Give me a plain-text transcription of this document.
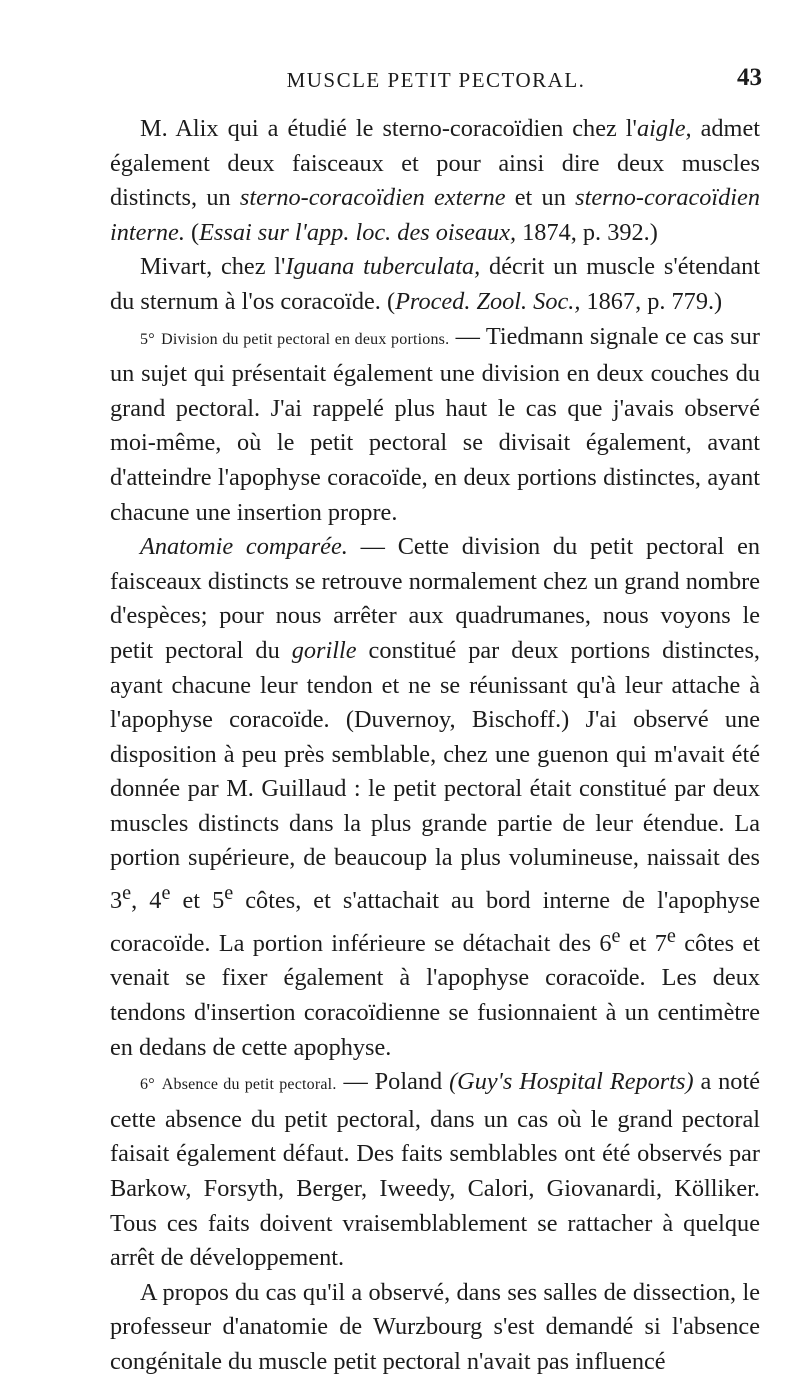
MUSCLE PETIT PECTORAL.	43

M. Alix qui a étudié le sterno-coracoïdien chez l'aigle, admet également deux faisceaux et pour ainsi dire deux muscles distincts, un sterno-coracoïdien externe et un sterno-coracoïdien interne. (Essai sur l'app. loc. des oiseaux, 1874, p. 392.)

Mivart, chez l'Iguana tuberculata, décrit un muscle s'étendant du sternum à l'os coracoïde. (Proced. Zool. Soc., 1867, p. 779.)

5° Division du petit pectoral en deux portions. — Tiedmann signale ce cas sur un sujet qui présentait également une division en deux couches du grand pectoral. J'ai rappelé plus haut le cas que j'avais observé moi-même, où le petit pectoral se divisait également, avant d'atteindre l'apophyse coracoïde, en deux portions distinctes, ayant chacune une insertion propre.

Anatomie comparée. — Cette division du petit pectoral en faisceaux distincts se retrouve normalement chez un grand nombre d'espèces; pour nous arrêter aux quadrumanes, nous voyons le petit pectoral du gorille constitué par deux portions distinctes, ayant chacune leur tendon et ne se réunissant qu'à leur attache à l'apophyse coracoïde. (Duvernoy, Bischoff.) J'ai observé une disposition à peu près semblable, chez une guenon qui m'avait été donnée par M. Guillaud : le petit pectoral était constitué par deux muscles distincts dans la plus grande partie de leur étendue. La portion supérieure, de beaucoup la plus volumineuse, naissait des 3e, 4e et 5e côtes, et s'attachait au bord interne de l'apophyse coracoïde. La portion inférieure se détachait des 6e et 7e côtes et venait se fixer également à l'apophyse coracoïde. Les deux tendons d'insertion coracoïdienne se fusionnaient à un centimètre en dedans de cette apophyse.

6° Absence du petit pectoral. — Poland (Guy's Hospital Reports) a noté cette absence du petit pectoral, dans un cas où le grand pectoral faisait également défaut. Des faits semblables ont été observés par Barkow, Forsyth, Berger, Iweedy, Calori, Giovanardi, Kölliker. Tous ces faits doivent vraisemblablement se rattacher à quelque arrêt de développement.

A propos du cas qu'il a observé, dans ses salles de dissection, le professeur d'anatomie de Wurzbourg s'est demandé si l'absence congénitale du muscle petit pectoral n'avait pas influencé
